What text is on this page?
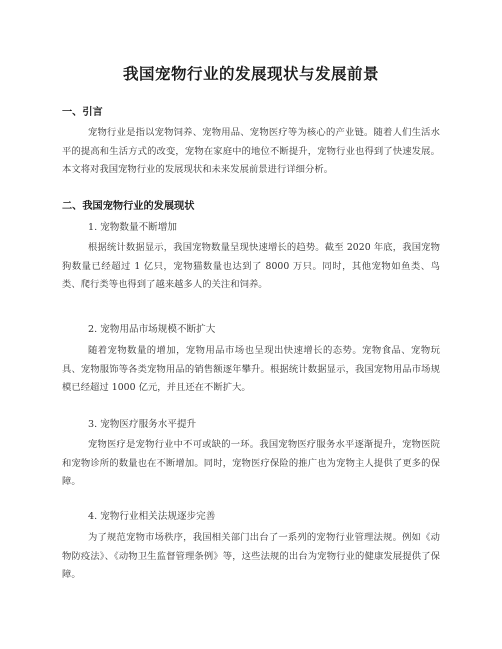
我国宠物行业的发展现状与发展前景
一、引言
宠物行业是指以宠物饲养、宠物用品、宠物医疗等为核心的产业链。随着人们生活水平的提高和生活方式的改变，宠物在家庭中的地位不断提升，宠物行业也得到了快速发展。本文将对我国宠物行业的发展现状和未来发展前景进行详细分析。
二、我国宠物行业的发展现状
1. 宠物数量不断增加
根据统计数据显示，我国宠物数量呈现快速增长的趋势。截至 2020 年底，我国宠物狗数量已经超过 1 亿只，宠物猫数量也达到了 8000 万只。同时，其他宠物如鱼类、鸟类、爬行类等也得到了越来越多人的关注和饲养。
2. 宠物用品市场规模不断扩大
随着宠物数量的增加，宠物用品市场也呈现出快速增长的态势。宠物食品、宠物玩具、宠物服饰等各类宠物用品的销售额逐年攀升。根据统计数据显示，我国宠物用品市场规模已经超过 1000 亿元，并且还在不断扩大。
3. 宠物医疗服务水平提升
宠物医疗是宠物行业中不可或缺的一环。我国宠物医疗服务水平逐渐提升，宠物医院和宠物诊所的数量也在不断增加。同时，宠物医疗保险的推广也为宠物主人提供了更多的保障。
4. 宠物行业相关法规逐步完善
为了规范宠物市场秩序，我国相关部门出台了一系列的宠物行业管理法规。例如《动物防疫法》、《动物卫生监督管理条例》等，这些法规的出台为宠物行业的健康发展提供了保障。
